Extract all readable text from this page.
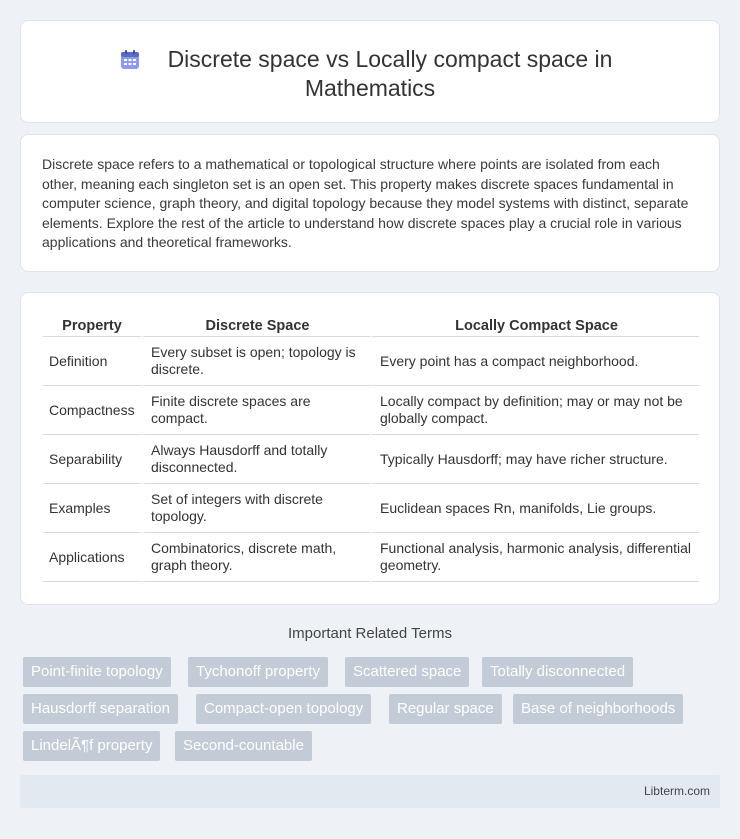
Discrete space vs Locally compact space in
Mathematics

Discrete space refers to a mathematical or topological structure where points are isolated from each other, meaning each singleton set is an open set. This property makes discrete spaces fundamental in computer science, graph theory, and digital topology because they model systems with distinct, separate elements. Explore the rest of the article to understand how discrete spaces play a crucial role in various applications and theoretical frameworks.

Property	Discrete Space	Locally Compact Space
Definition	Every subset is open; topology is discrete.	Every point has a compact neighborhood.
Compactness	Finite discrete spaces are compact.	Locally compact by definition; may or may not be globally compact.
Separability	Always Hausdorff and totally disconnected.	Typically Hausdorff; may have richer structure.
Examples	Set of integers with discrete topology.	Euclidean spaces Rn, manifolds, Lie groups.
Applications	Combinatorics, discrete math, graph theory.	Functional analysis, harmonic analysis, differential geometry.
Important Related Terms
Point-finite topology	Tychonoff property	Scattered space	Totally disconnected
Hausdorff separation	Compact-open topology	Regular space	Base of neighborhoods
LindelÃ¶f property	Second-countable
Libterm.com
